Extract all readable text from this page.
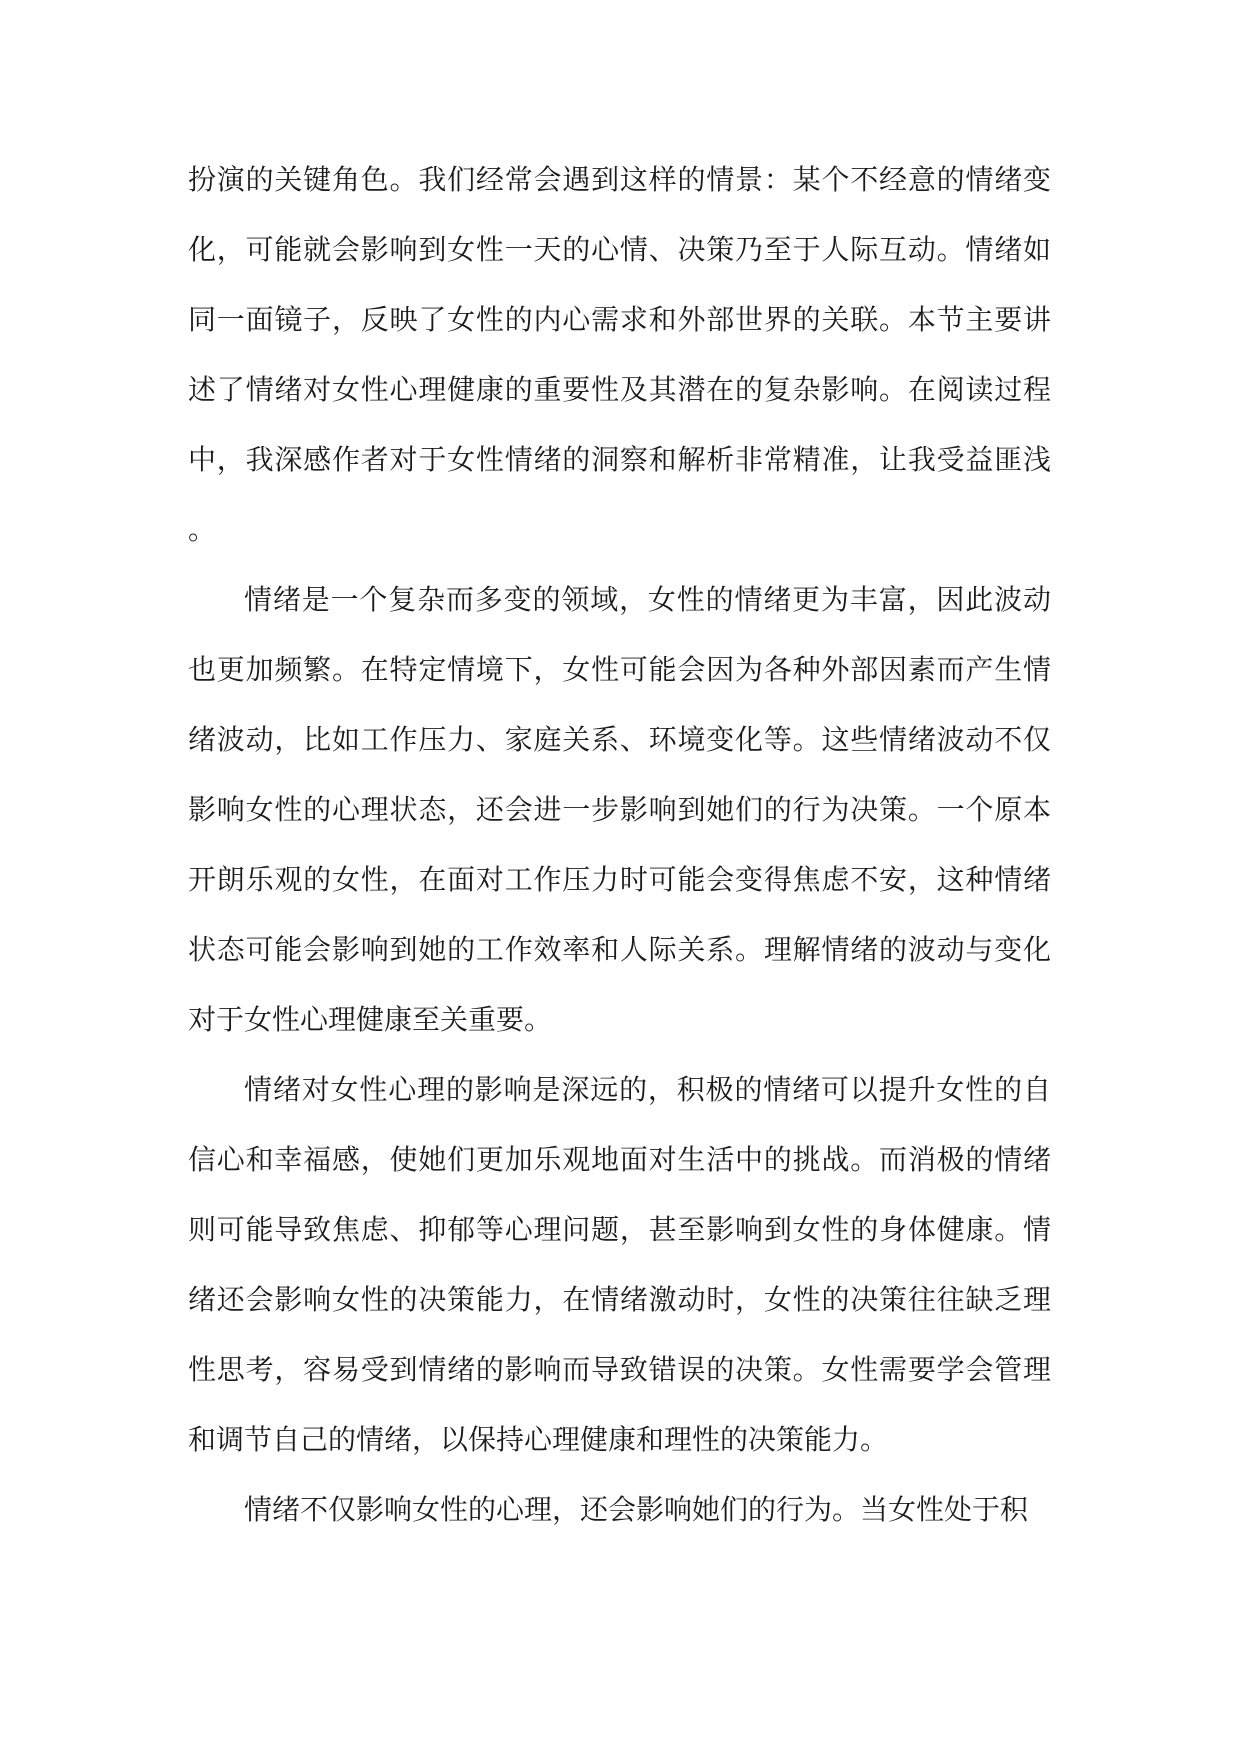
扮演的关键角色。我们经常会遇到这样的情景：某个不经意的情绪变化，可能就会影响到女性一天的心情、决策乃至于人际互动。情绪如同一面镜子，反映了女性的内心需求和外部世界的关联。本节主要讲述了情绪对女性心理健康的重要性及其潜在的复杂影响。在阅读过程中，我深感作者对于女性情绪的洞察和解析非常精准，让我受益匪浅。

情绪是一个复杂而多变的领域，女性的情绪更为丰富，因此波动也更加频繁。在特定情境下，女性可能会因为各种外部因素而产生情绪波动，比如工作压力、家庭关系、环境变化等。这些情绪波动不仅影响女性的心理状态，还会进一步影响到她们的行为决策。一个原本开朗乐观的女性，在面对工作压力时可能会变得焦虑不安，这种情绪状态可能会影响到她的工作效率和人际关系。理解情绪的波动与变化对于女性心理健康至关重要。

情绪对女性心理的影响是深远的，积极的情绪可以提升女性的自信心和幸福感，使她们更加乐观地面对生活中的挑战。而消极的情绪则可能导致焦虑、抑郁等心理问题，甚至影响到女性的身体健康。情绪还会影响女性的决策能力，在情绪激动时，女性的决策往往缺乏理性思考，容易受到情绪的影响而导致错误的决策。女性需要学会管理和调节自己的情绪，以保持心理健康和理性的决策能力。

情绪不仅影响女性的心理，还会影响她们的行为。当女性处于积
